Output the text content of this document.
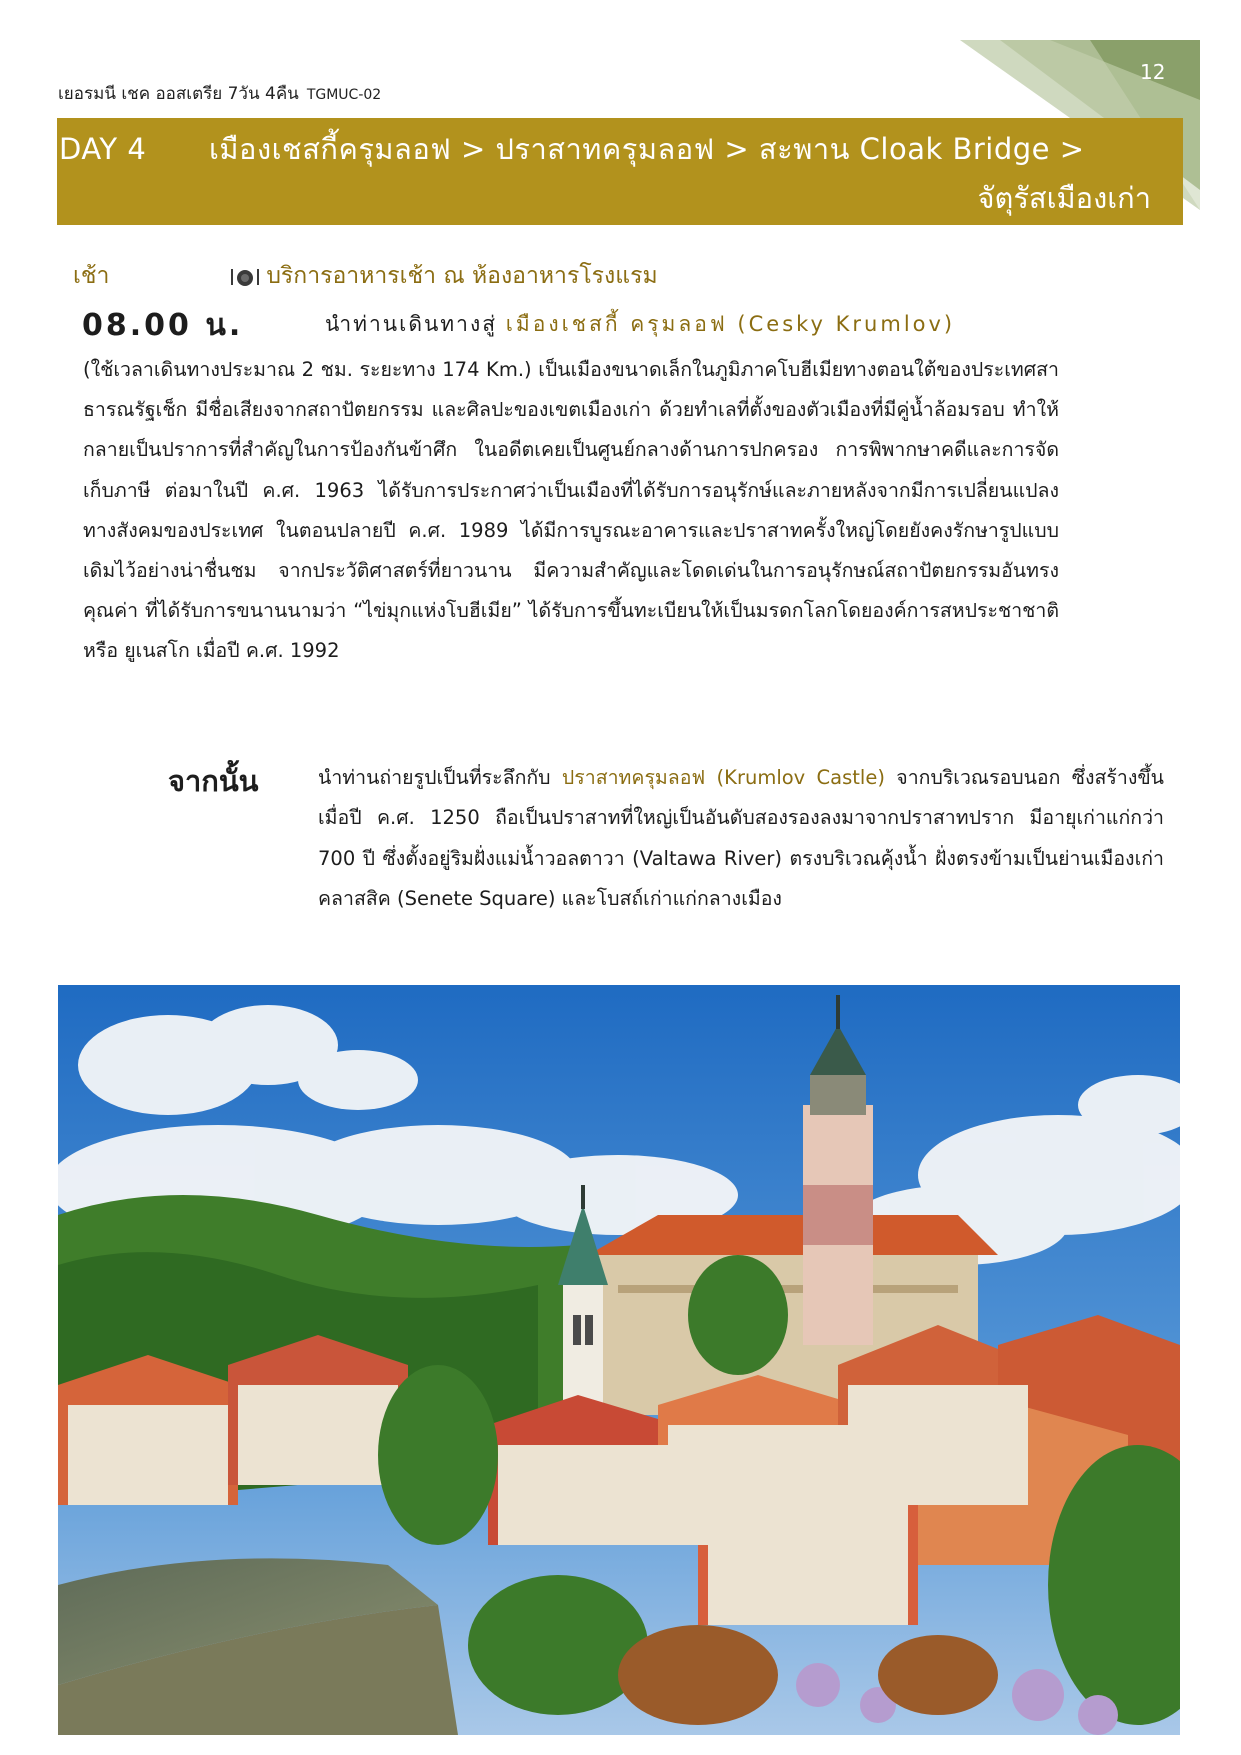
12
เยอรมนี เชค ออสเตรีย 7วัน 4คืน TGMUC-02
DAY 4 เมืองเชสกี้ครุมลอฟ > ปราสาทครุมลอฟ > สะพาน Cloak Bridge >
จัตุรัสเมืองเก่า
เช้า	บริการอาหารเช้า ณ ห้องอาหารโรงแรม
08.00 น.	นำท่านเดินทางสู่ เมืองเชสกี้ ครุมลอฟ (Cesky Krumlov)
(ใช้เวลาเดินทางประมาณ 2 ชม. ระยะทาง 174 Km.) เป็นเมืองขนาดเล็กในภูมิภาคโบฮีเมียทางตอนใต้ของประเทศสาธารณรัฐเช็ก มีชื่อเสียงจากสถาปัตยกรรม และศิลปะของเขตเมืองเก่า ด้วยทำเลที่ตั้งของตัวเมืองที่มีคู่น้ำล้อมรอบ ทำให้กลายเป็นปราการที่สำคัญในการป้องกันข้าศึก ในอดีตเคยเป็นศูนย์กลางด้านการปกครอง การพิพากษาคดีและการจัดเก็บภาษี ต่อมาในปี ค.ศ. 1963 ได้รับการประกาศว่าเป็นเมืองที่ได้รับการอนุรักษ์และภายหลังจากมีการเปลี่ยนแปลงทางสังคมของประเทศ ในตอนปลายปี ค.ศ. 1989 ได้มีการบูรณะอาคารและปราสาทครั้งใหญ่โดยยังคงรักษารูปแบบเดิมไว้อย่างน่าชื่นชม จากประวัติศาสตร์ที่ยาวนาน มีความสำคัญและโดดเด่นในการอนุรักษณ์สถาปัตยกรรมอันทรงคุณค่า ที่ได้รับการขนานนามว่า “ไข่มุกแห่งโบฮีเมีย” ได้รับการขึ้นทะเบียนให้เป็นมรดกโลกโดยองค์การสหประชาชาติ หรือ ยูเนสโก เมื่อปี ค.ศ. 1992
จากนั้น	นำท่านถ่ายรูปเป็นที่ระลึกกับ ปราสาทครุมลอฟ (Krumlov Castle) จากบริเวณรอบนอก ซึ่งสร้างขึ้นเมื่อปี ค.ศ. 1250 ถือเป็นปราสาทที่ใหญ่เป็นอันดับสองรองลงมาจากปราสาทปราก มีอายุเก่าแก่กว่า 700 ปี ซึ่งตั้งอยู่ริมฝั่งแม่น้ำวอลตาวา (Valtawa River) ตรงบริเวณคุ้งน้ำ ฝั่งตรงข้ามเป็นย่านเมืองเก่าคลาสสิค (Senete Square) และโบสถ์เก่าแก่กลางเมือง
